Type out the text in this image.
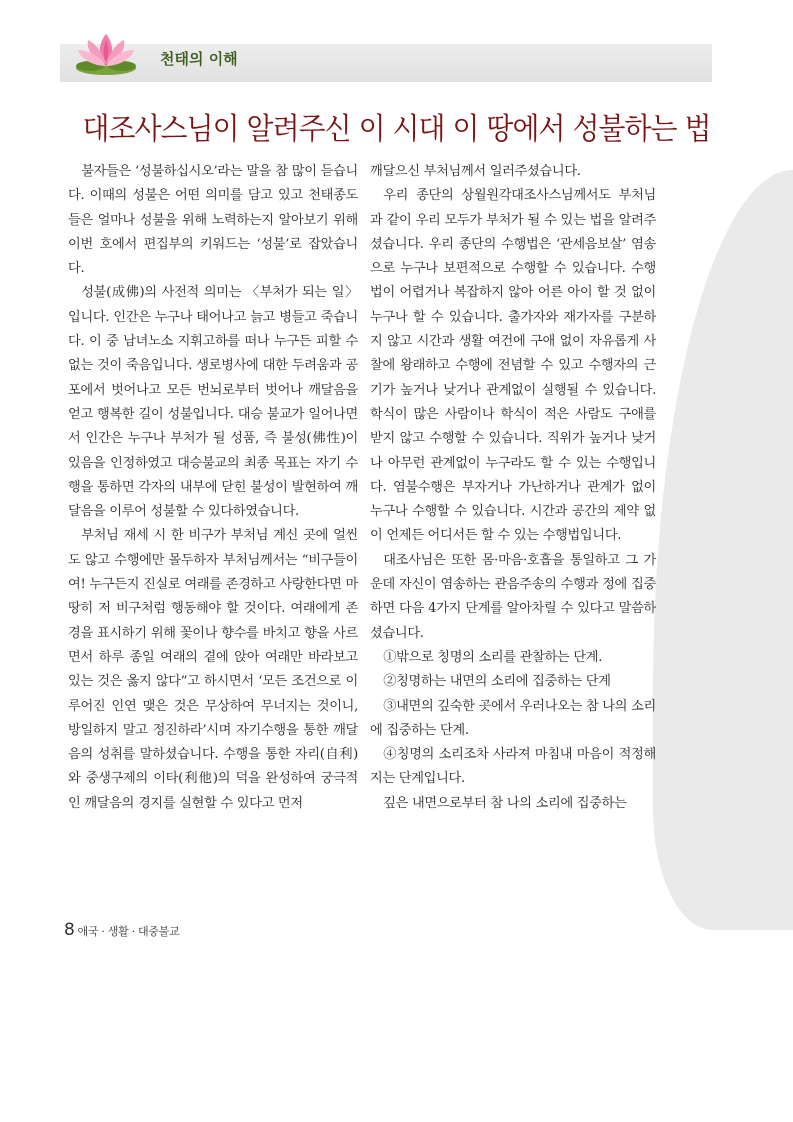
천태의 이해
대조사스님이 알려주신 이 시대 이 땅에서 성불하는 법

불자들은 ‘성불하십시오’라는 말을 참 많이 듣습니다. 이때의 성불은 어떤 의미를 담고 있고 천태종도들은 얼마나 성불을 위해 노력하는지 알아보기 위해 이번 호에서 편집부의 키워드는 ‘성불’로 잡았습니다.

성불(成佛)의 사전적 의미는 〈부처가 되는 일〉입니다. 인간은 누구나 태어나고 늙고 병들고 죽습니다. 이 중 남녀노소 지휘고하를 떠나 누구든 피할 수 없는 것이 죽음입니다. 생로병사에 대한 두려움과 공포에서 벗어나고 모든 번뇌로부터 벗어나 깨달음을 얻고 행복한 길이 성불입니다. 대승 불교가 일어나면서 인간은 누구나 부처가 될 성품, 즉 불성(佛性)이 있음을 인정하였고 대승불교의 최종 목표는 자기 수행을 통하면 각자의 내부에 닫힌 불성이 발현하여 깨달음을 이루어 성불할 수 있다하였습니다.

부처님 재세 시 한 비구가 부처님 계신 곳에 얼씬도 않고 수행에만 몰두하자 부처님께서는 “비구들이여! 누구든지 진실로 여래를 존경하고 사랑한다면 마땅히 저 비구처럼 행동해야 할 것이다. 여래에게 존경을 표시하기 위해 꽃이나 향수를 바치고 향을 사르면서 하루 종일 여래의 곁에 앉아 여래만 바라보고 있는 것은 옳지 않다”고 하시면서 ‘모든 조건으로 이루어진 인연 맺은 것은 무상하여 무너지는 것이니, 방일하지 말고 정진하라’시며 자기수행을 통한 깨달음의 성취를 말하셨습니다. 수행을 통한 자리(自利)와 중생구제의 이타(利他)의 덕을 완성하여 궁극적인 깨달음의 경지를 실현할 수 있다고 먼저

깨달으신 부처님께서 일러주셨습니다.

우리 종단의 상월원각대조사스님께서도 부처님과 같이 우리 모두가 부처가 될 수 있는 법을 알려주셨습니다. 우리 종단의 수행법은 ‘관세음보살’ 염송으로 누구나 보편적으로 수행할 수 있습니다. 수행법이 어렵거나 복잡하지 않아 어른 아이 할 것 없이 누구나 할 수 있습니다. 출가자와 재가자를 구분하지 않고 시간과 생활 여건에 구애 없이 자유롭게 사찰에 왕래하고 수행에 전념할 수 있고 수행자의 근기가 높거나 낮거나 관계없이 실행될 수 있습니다. 학식이 많은 사람이나 학식이 적은 사람도 구애를 받지 않고 수행할 수 있습니다. 직위가 높거나 낮거나 아무런 관계없이 누구라도 할 수 있는 수행입니다. 염불수행은 부자거나 가난하거나 관계가 없이 누구나 수행할 수 있습니다. 시간과 공간의 제약 없이 언제든 어디서든 할 수 있는 수행법입니다.

대조사님은 또한 몸·마음·호흡을 통일하고 그 가운데 자신이 염송하는 관음주송의 수행과 정에 집중하면 다음 4가지 단계를 알아차릴 수 있다고 말씀하셨습니다.

①밖으로 칭명의 소리를 관찰하는 단계.

②칭명하는 내면의 소리에 집중하는 단계

③내면의 깊숙한 곳에서 우러나오는 참 나의 소리에 집중하는 단계.

④칭명의 소리조차 사라져 마침내 마음이 적정해지는 단계입니다.

깊은 내면으로부터 참 나의 소리에 집중하는

8 애국 · 생활 · 대중불교
